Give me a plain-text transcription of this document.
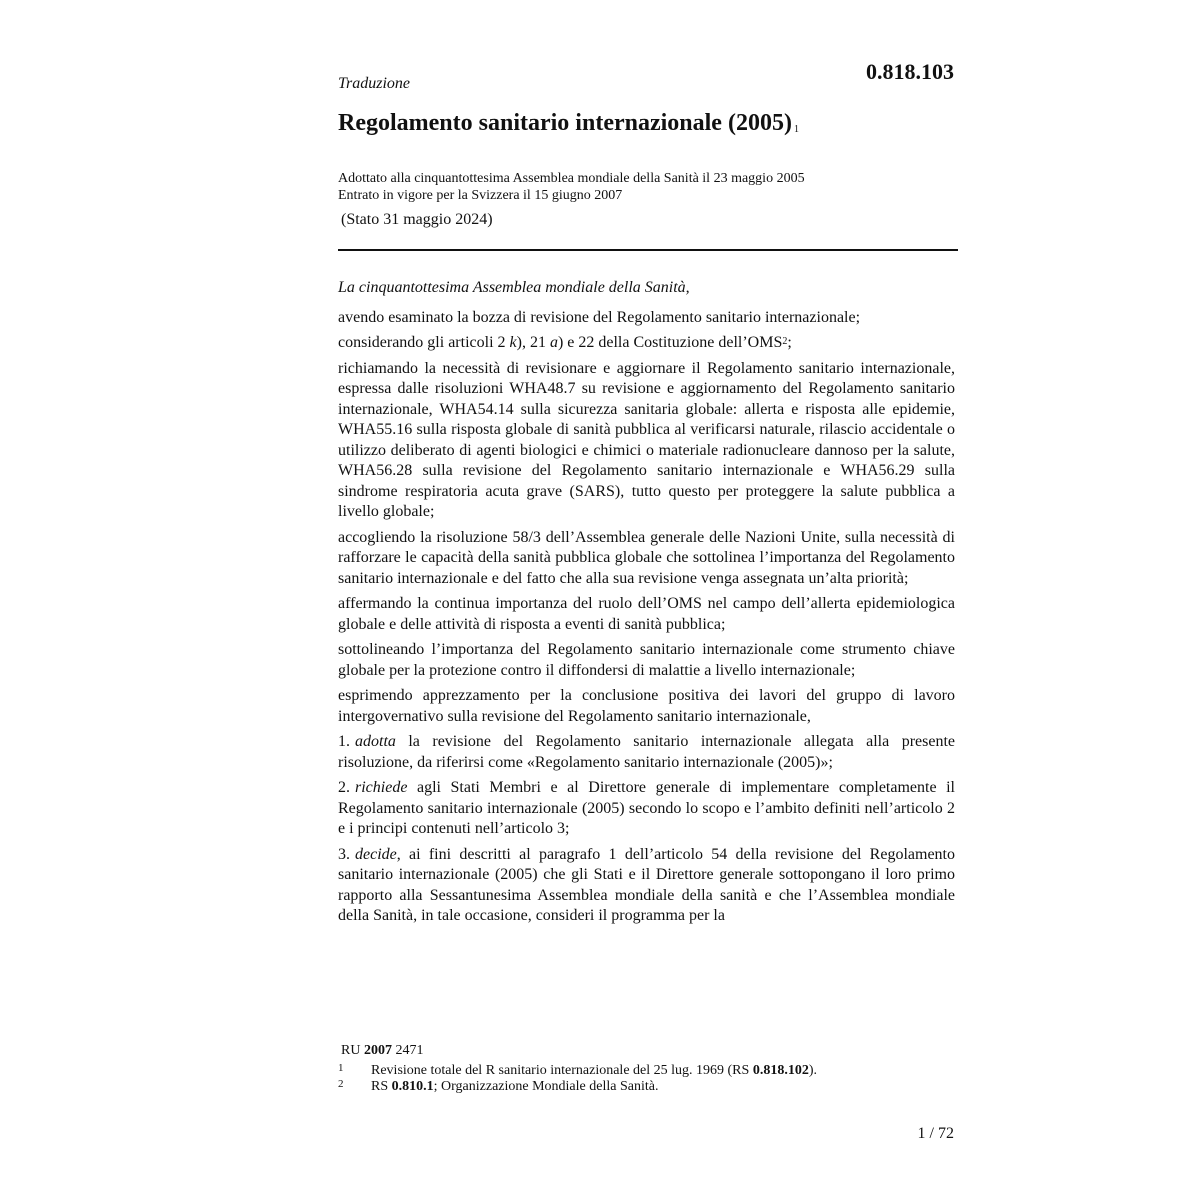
0.818.103
Traduzione
Regolamento sanitario internazionale (2005) $^1$
Adottato alla cinquantottesima Assemblea mondiale della Sanità il 23 maggio 2005
Entrato in vigore per la Svizzera il 15 giugno 2007
(Stato 31 maggio 2024)

La cinquantottesima Assemblea mondiale della Sanità,

avendo esaminato la bozza di revisione del Regolamento sanitario internazionale;

considerando gli articoli 2 k), 21 a) e 22 della Costituzione dell’OMS$^2$;

richiamando la necessità di revisionare e aggiornare il Regolamento sanitario internazionale, espressa dalle risoluzioni WHA48.7 su revisione e aggiornamento del Regolamento sanitario internazionale, WHA54.14 sulla sicurezza sanitaria globale: allerta e risposta alle epidemie, WHA55.16 sulla risposta globale di sanità pubblica al verificarsi naturale, rilascio accidentale o utilizzo deliberato di agenti biologici e chimici o materiale radionucleare dannoso per la salute, WHA56.28 sulla revisione del Regolamento sanitario internazionale e WHA56.29 sulla sindrome respiratoria acuta grave (SARS), tutto questo per proteggere la salute pubblica a livello globale;

accogliendo la risoluzione 58/3 dell’Assemblea generale delle Nazioni Unite, sulla necessità di rafforzare le capacità della sanità pubblica globale che sottolinea l’importanza del Regolamento sanitario internazionale e del fatto che alla sua revisione venga assegnata un’alta priorità;

affermando la continua importanza del ruolo dell’OMS nel campo dell’allerta epidemiologica globale e delle attività di risposta a eventi di sanità pubblica;

sottolineando l’importanza del Regolamento sanitario internazionale come strumento chiave globale per la protezione contro il diffondersi di malattie a livello internazionale;

esprimendo apprezzamento per la conclusione positiva dei lavori del gruppo di lavoro intergovernativo sulla revisione del Regolamento sanitario internazionale,

1. adotta la revisione del Regolamento sanitario internazionale allegata alla presente risoluzione, da riferirsi come «Regolamento sanitario internazionale (2005)»;

2. richiede agli Stati Membri e al Direttore generale di implementare completamente il Regolamento sanitario internazionale (2005) secondo lo scopo e l’ambito definiti nell’articolo 2 e i principi contenuti nell’articolo 3;

3. decide, ai fini descritti al paragrafo 1 dell’articolo 54 della revisione del Regolamento sanitario internazionale (2005) che gli Stati e il Direttore generale sottopongano il loro primo rapporto alla Sessantunesima Assemblea mondiale della sanità e che l’Assemblea mondiale della Sanità, in tale occasione, consideri il programma per la

RU 2007 2471
1 Revisione totale del R sanitario internazionale del 25 lug. 1969 (RS 0.818.102).
2 RS 0.810.1; Organizzazione Mondiale della Sanità.
1 / 72
